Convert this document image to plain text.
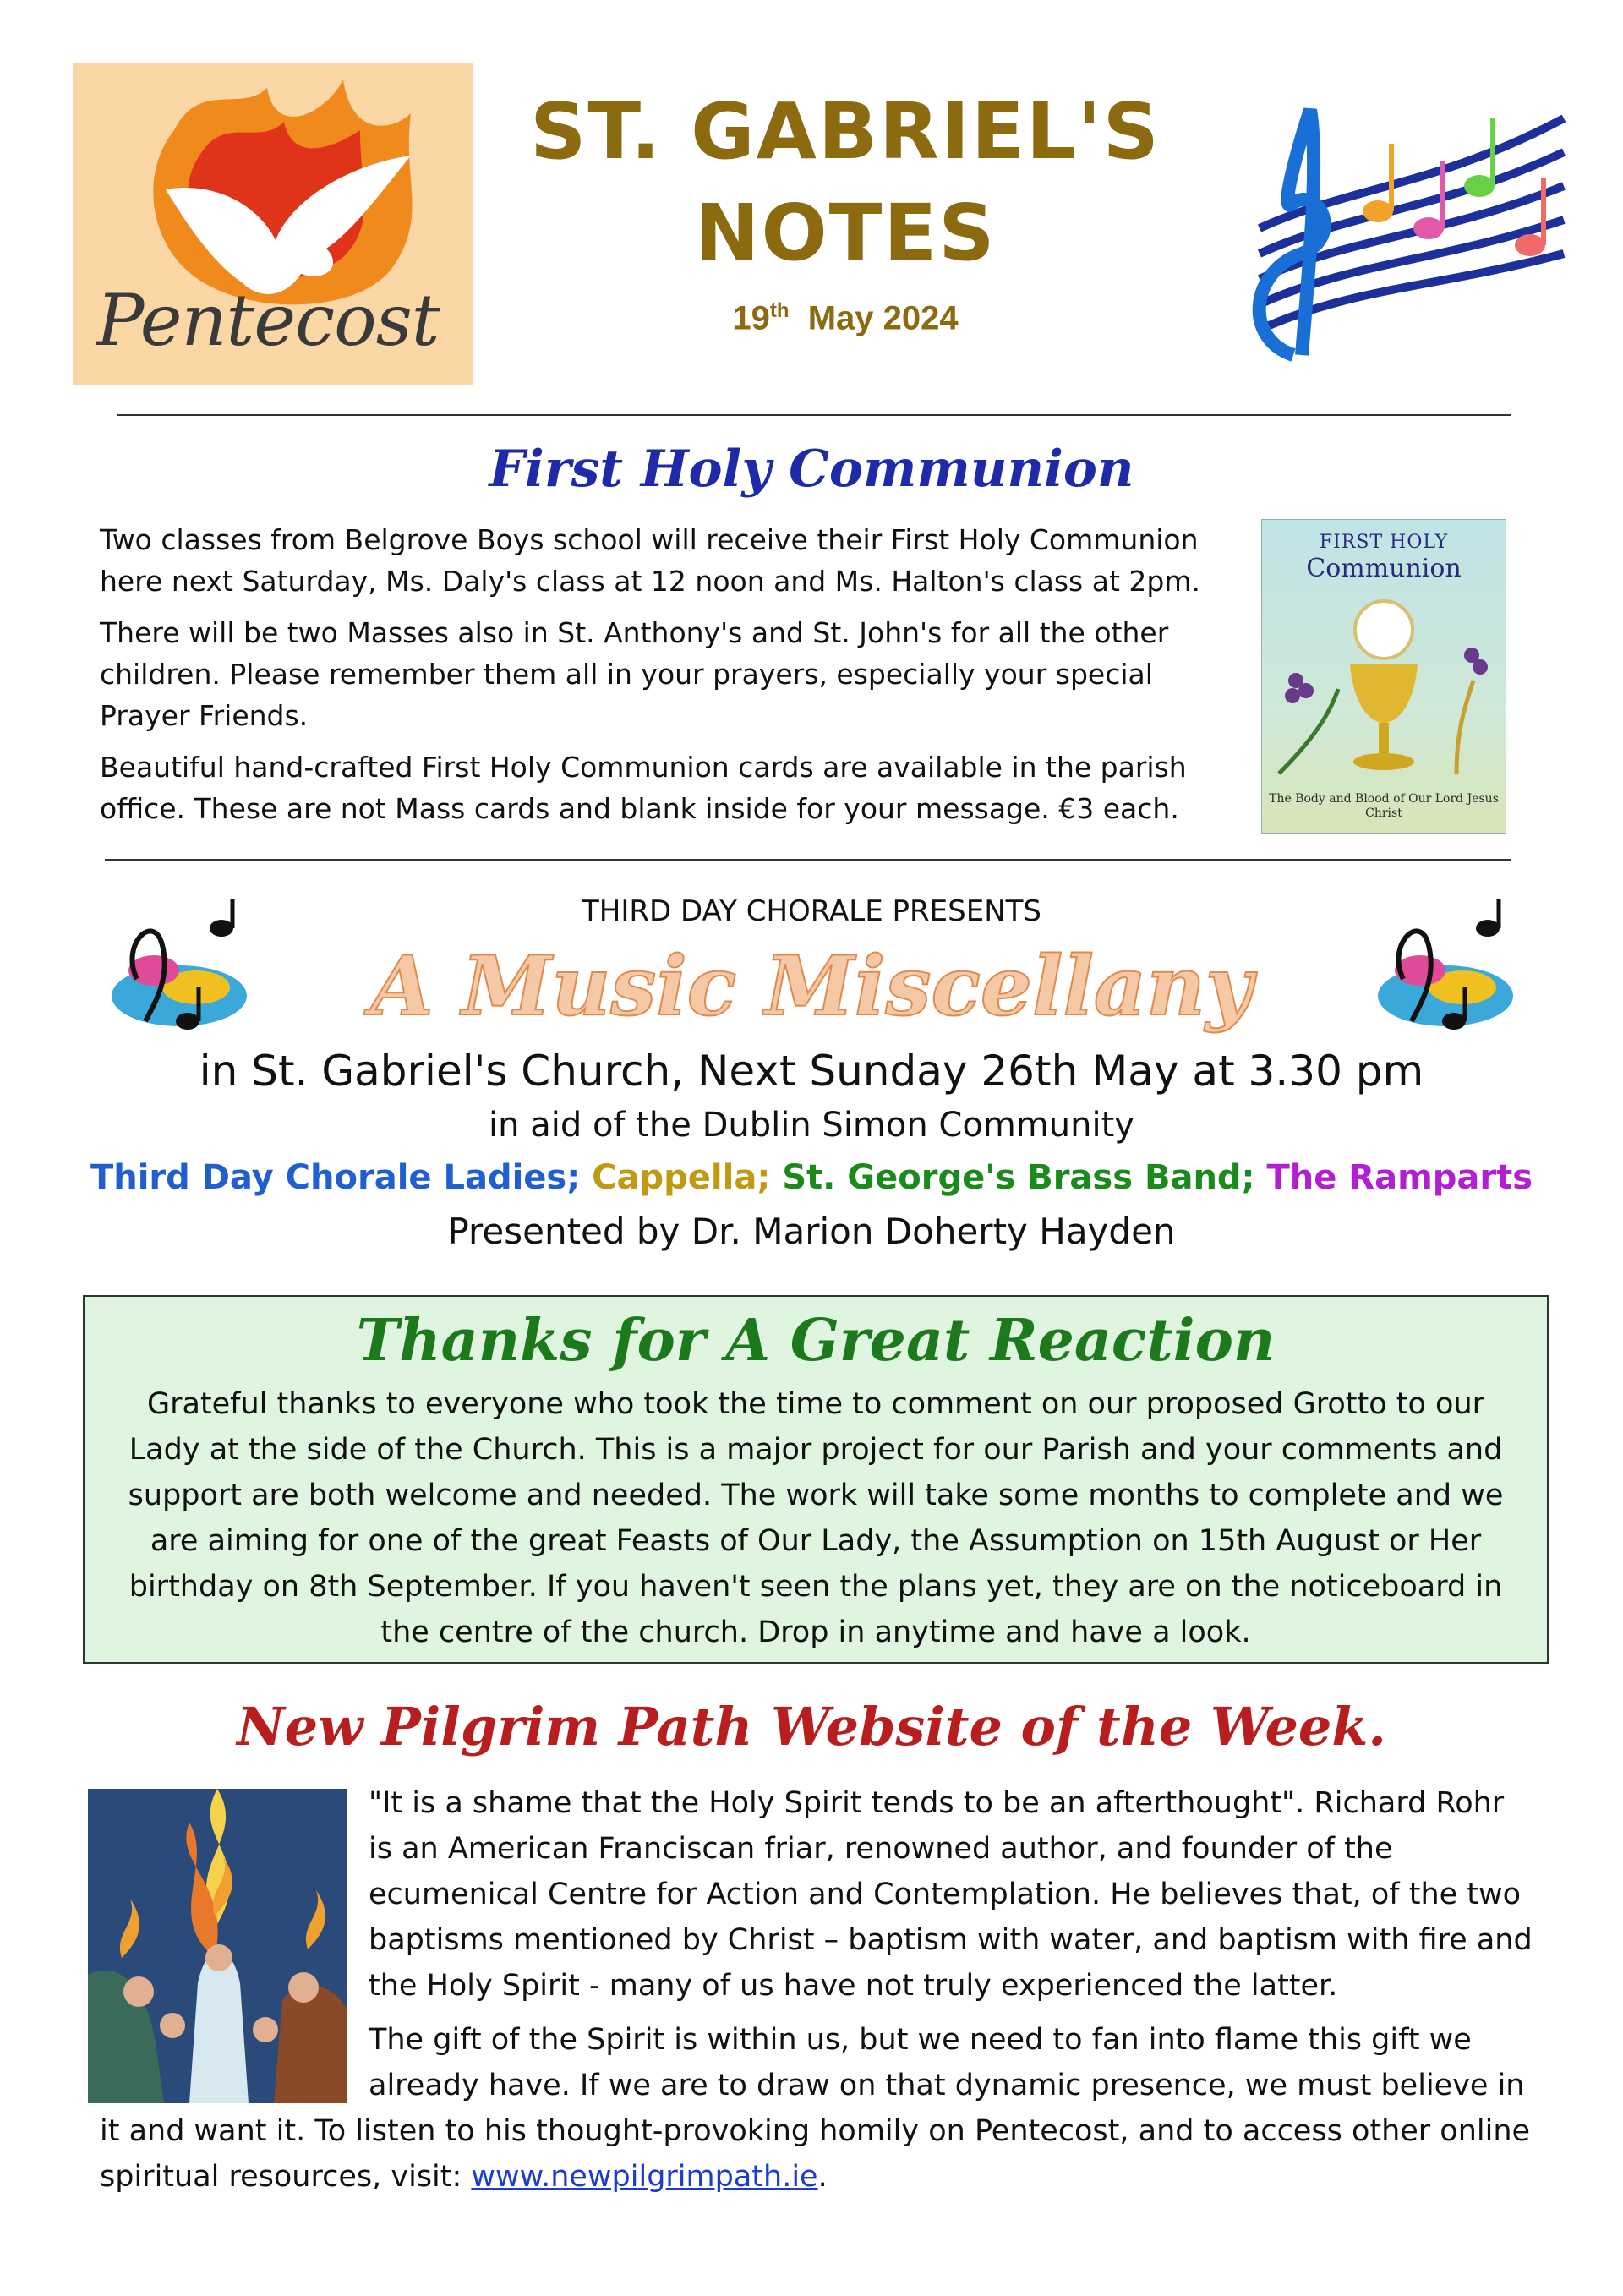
Pentecost
ST. GABRIEL'S
NOTES
19th May 2024
First Holy Communion

Two classes from Belgrove Boys school will receive their First Holy Communion here next Saturday, Ms. Daly's class at 12 noon and Ms. Halton's class at 2pm.

There will be two Masses also in St. Anthony's and St. John's for all the other children. Please remember them all in your prayers, especially your special Prayer Friends.

Beautiful hand-crafted First Holy Communion cards are available in the parish office. These are not Mass cards and blank inside for your message. €3 each.

FIRST HOLY
Communion
The Body and Blood of Our Lord Jesus Christ
THIRD DAY CHORALE PRESENTS
A Music Miscellany
in St. Gabriel's Church, Next Sunday 26th May at 3.30 pm
in aid of the Dublin Simon Community
Third Day Chorale Ladies; Cappella; St. George's Brass Band; The Ramparts
Presented by Dr. Marion Doherty Hayden
Thanks for A Great Reaction
Grateful thanks to everyone who took the time to comment on our proposed Grotto to our Lady at the side of the Church. This is a major project for our Parish and your comments and support are both welcome and needed. The work will take some months to complete and we are aiming for one of the great Feasts of Our Lady, the Assumption on 15th August or Her birthday on 8th September. If you haven't seen the plans yet, they are on the noticeboard in the centre of the church. Drop in anytime and have a look.
New Pilgrim Path Website of the Week.

"It is a shame that the Holy Spirit tends to be an afterthought". Richard Rohr is an American Franciscan friar, renowned author, and founder of the ecumenical Centre for Action and Contemplation. He believes that, of the two baptisms mentioned by Christ – baptism with water, and baptism with fire and the Holy Spirit - many of us have not truly experienced the latter.

The gift of the Spirit is within us, but we need to fan into flame this gift we already have. If we are to draw on that dynamic presence, we must believe in it and want it. To listen to his thought-provoking homily on Pentecost, and to access other online spiritual resources, visit: www.newpilgrimpath.ie.
